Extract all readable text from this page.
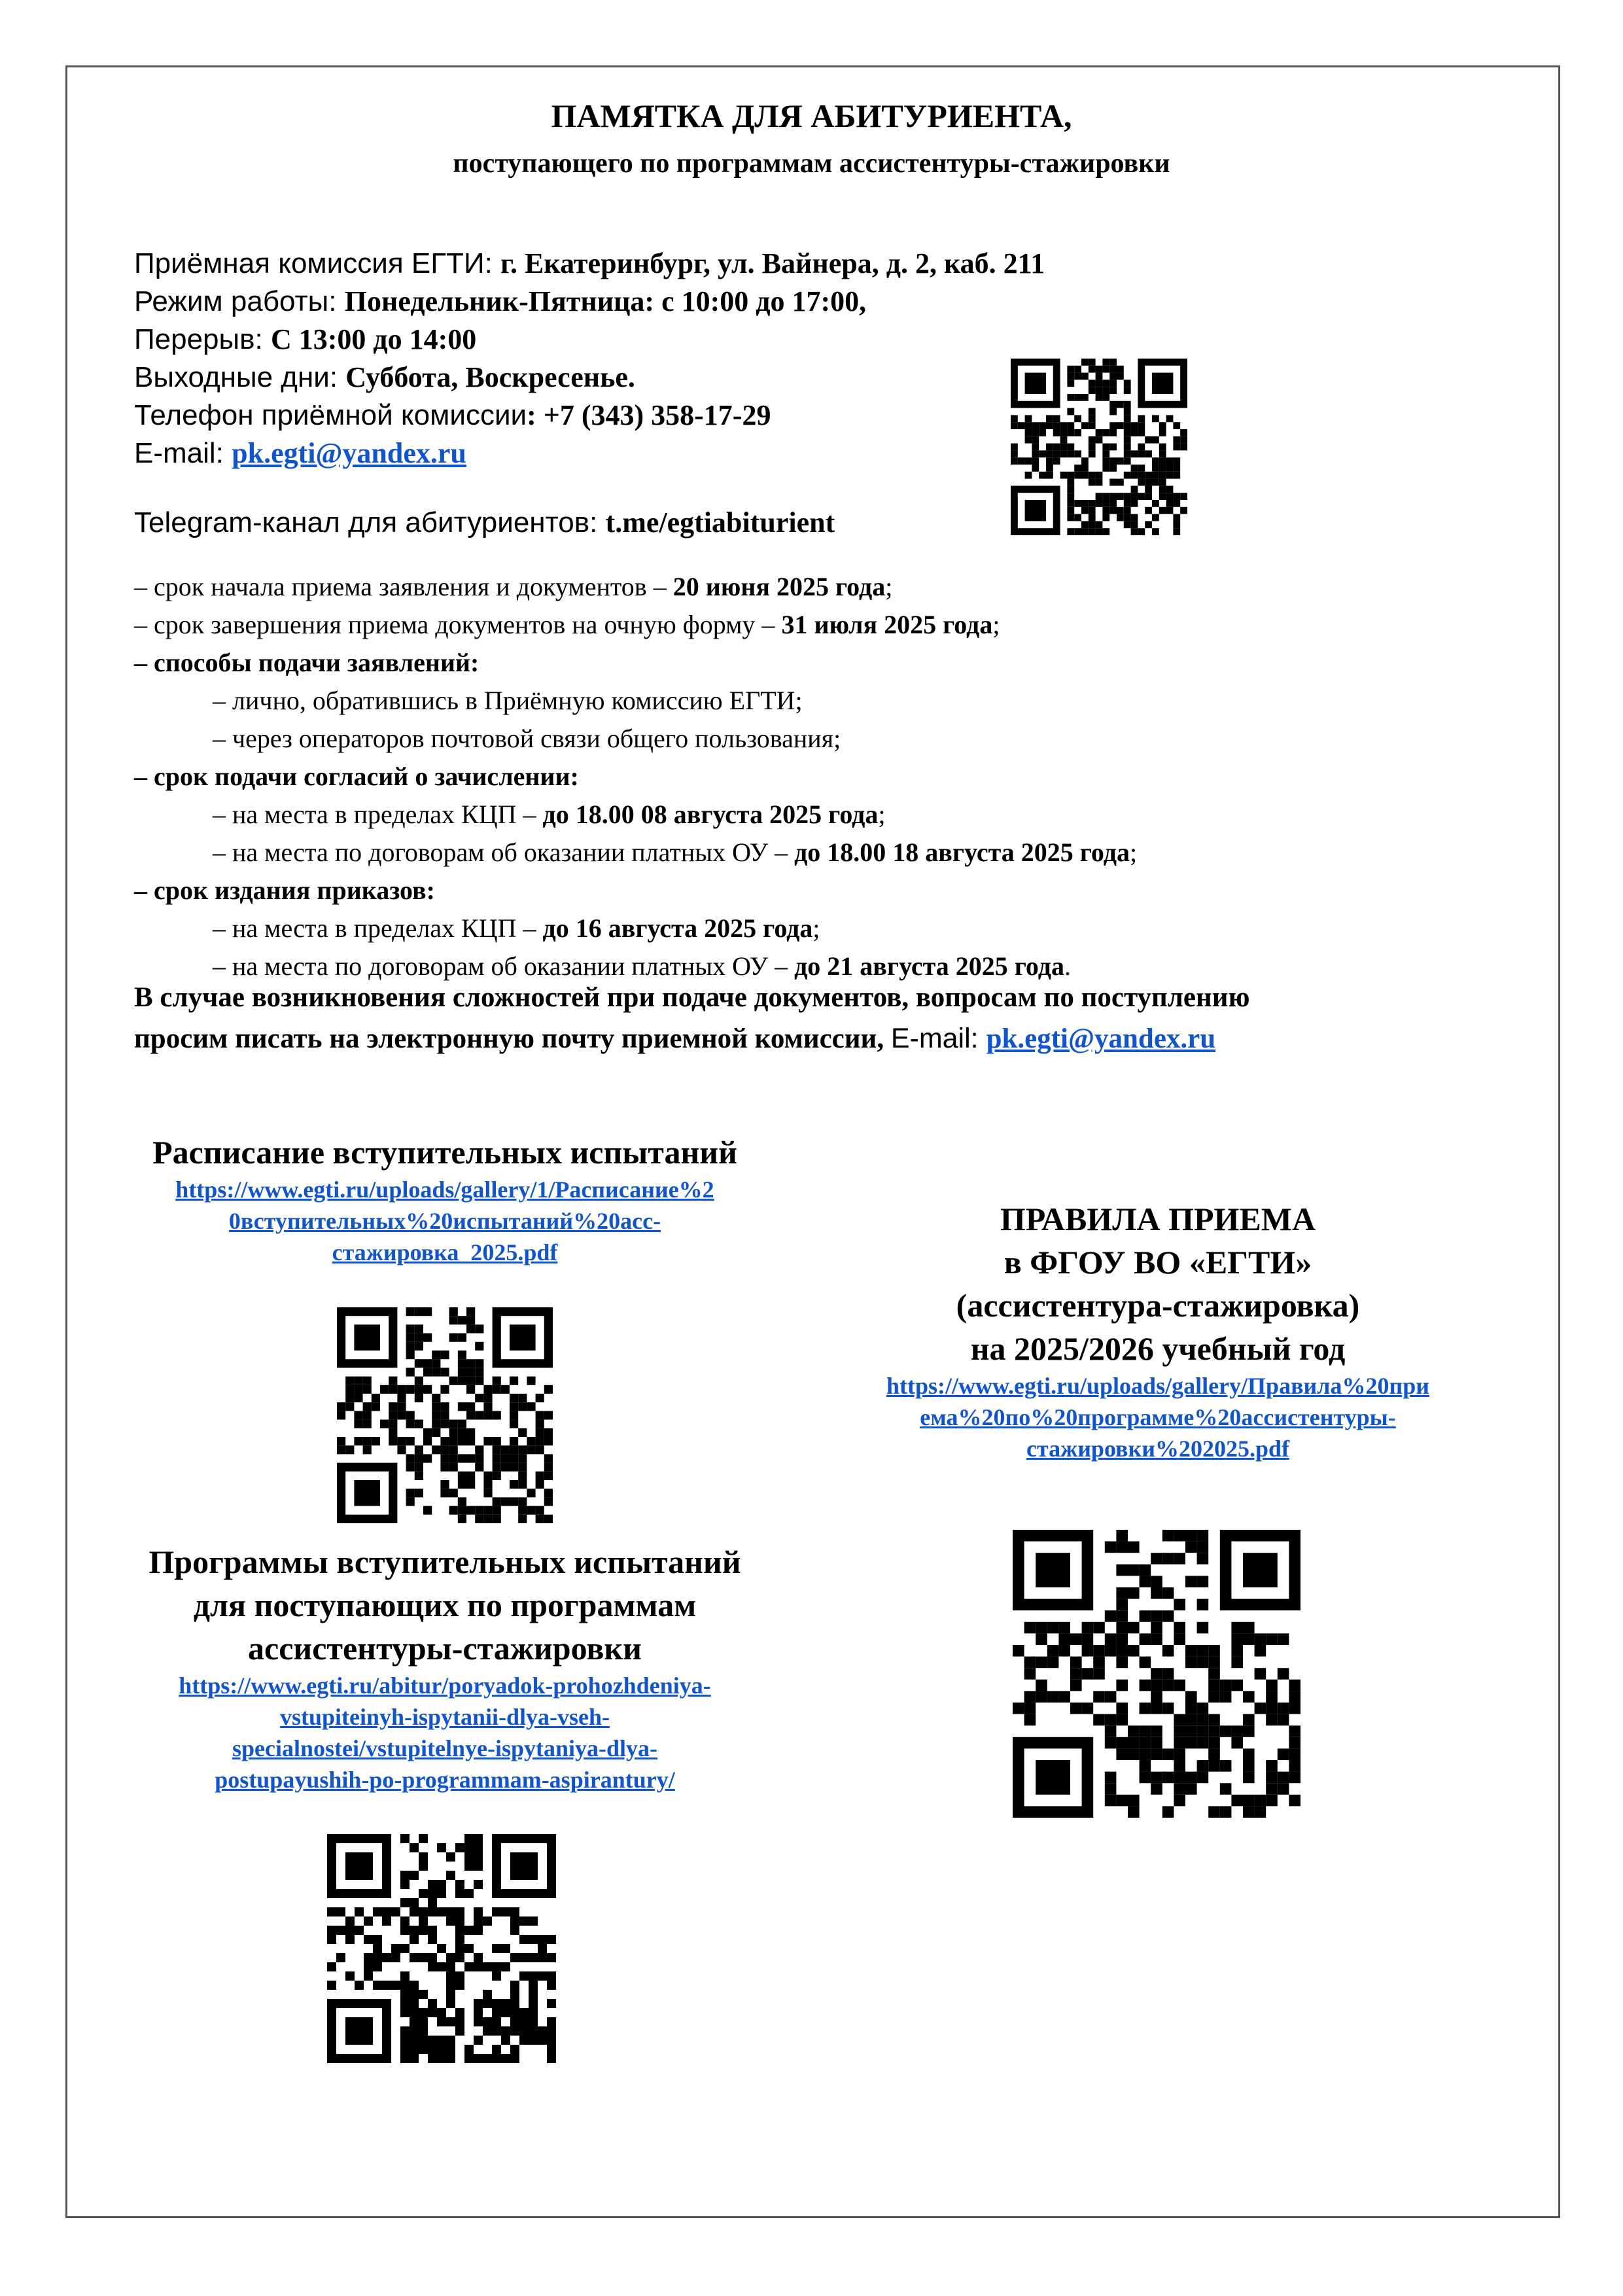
ПАМЯТКА ДЛЯ АБИТУРИЕНТА,
поступающего по программам ассистентуры-стажировки
Приёмная комиссия ЕГТИ: г. Екатеринбург, ул. Вайнера, д. 2, каб. 211
Режим работы: Понедельник-Пятница: с 10:00 до 17:00,
Перерыв: С 13:00 до 14:00
Выходные дни: Суббота, Воскресенье.
Телефон приёмной комиссии: +7 (343) 358-17-29
E-mail: pk.egti@yandex.ru
Telegram-канал для абитуриентов: t.me/egtiabiturient
– срок начала приема заявления и документов – 20 июня 2025 года;
– срок завершения приема документов на очную форму – 31 июля 2025 года;
– способы подачи заявлений:
– лично, обратившись в Приёмную комиссию ЕГТИ;
– через операторов почтовой связи общего пользования;
– срок подачи согласий о зачислении:
– на места в пределах КЦП – до 18.00 08 августа 2025 года;
– на места по договорам об оказании платных ОУ – до 18.00 18 августа 2025 года;
– срок издания приказов:
– на места в пределах КЦП – до 16 августа 2025 года;
– на места по договорам об оказании платных ОУ – до 21 августа 2025 года.
В случае возникновения сложностей при подаче документов, вопросам по поступлению
просим писать на электронную почту приемной комиссии, E-mail: pk.egti@yandex.ru
Расписание вступительных испытаний
https://www.egti.ru/uploads/gallery/1/Расписание%2
0вступительных%20испытаний%20асс-
стажировка_2025.pdf
Программы вступительных испытаний
для поступающих по программам
ассистентуры-стажировки
https://www.egti.ru/abitur/poryadok-prohozhdeniya-
vstupiteinyh-ispytanii-dlya-vseh-
specialnostei/vstupitelnye-ispytaniya-dlya-
postupayushih-po-programmam-aspirantury/
ПРАВИЛА ПРИЕМА
в ФГОУ ВО «ЕГТИ»
(ассистентура-стажировка)
на 2025/2026 учебный год
https://www.egti.ru/uploads/gallery/Правила%20при
ема%20по%20программе%20ассистентуры-
стажировки%202025.pdf
